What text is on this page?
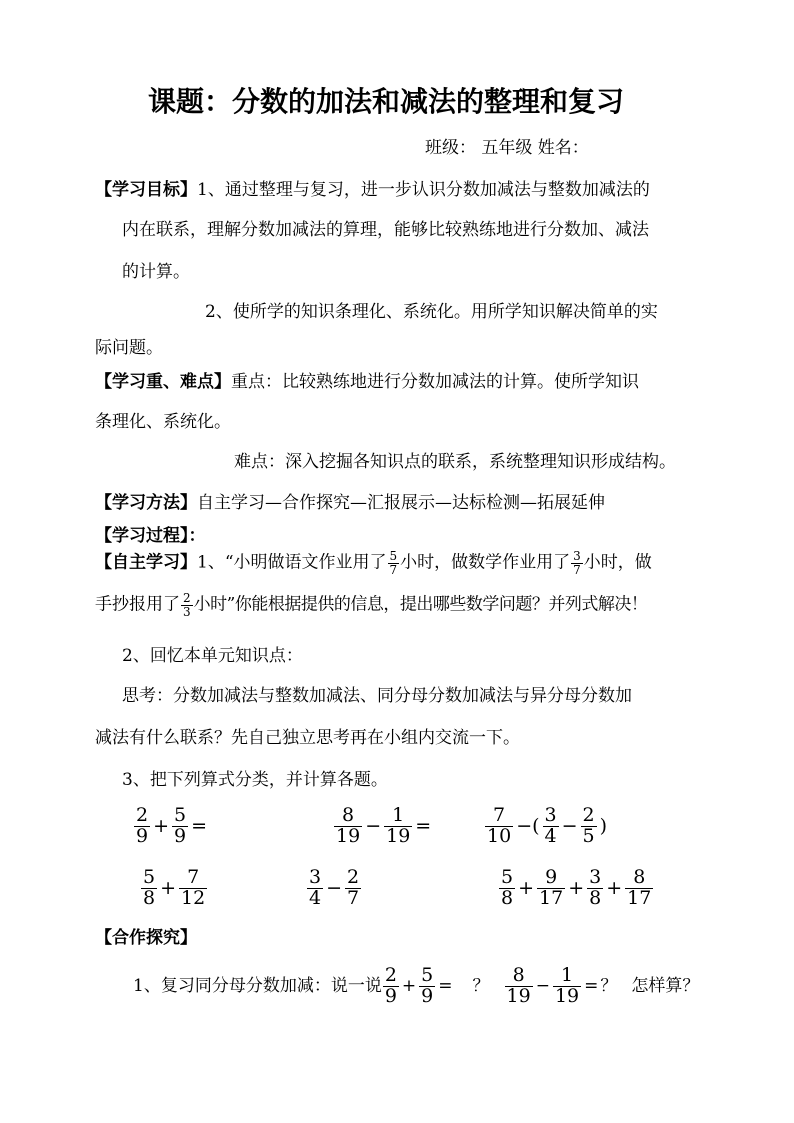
课题：分数的加法和减法的整理和复习
班级： 五年级 姓名：
【学习目标】1、通过整理与复习，进一步认识分数加减法与整数加减法的
内在联系，理解分数加减法的算理，能够比较熟练地进行分数加、减法
的计算。
2、使所学的知识条理化、系统化。用所学知识解决简单的实
际问题。
【学习重、难点】重点：比较熟练地进行分数加减法的计算。使所学知识
条理化、系统化。
难点：深入挖掘各知识点的联系，系统整理知识形成结构。
【学习方法】自主学习—合作探究—汇报展示—达标检测—拓展延伸
【学习过程】：
【自主学习】1、“小明做语文作业用了 $\frac{5}{7}$ 小时，做数学作业用了 $\frac{3}{7}$ 小时，做
手抄报用了 $\frac{2}{3}$ 小时”你能根据提供的信息，提出哪些数学问题？并列式解决！
2、回忆本单元知识点：
思考：分数加减法与整数加减法、同分母分数加减法与异分母分数加
减法有什么联系？先自己独立思考再在小组内交流一下。
3、把下列算式分类，并计算各题。
$\frac{2}{9} + \frac{5}{9}$ =	$\frac{8}{19} - \frac{1}{19}$ =	$\frac{7}{10}$ −( $\frac{3}{4} - \frac{2}{5}$ )
$\frac{5}{8} + \frac{7}{12}$	$\frac{3}{4} - \frac{2}{7}$	$\frac{5}{8} + \frac{9}{17} + \frac{3}{8} + \frac{8}{17}$
【合作探究】
1、复习同分母分数加减：说一说 $\frac{2}{9} + \frac{5}{9}$ = ？ $\frac{8}{19} - \frac{1}{19}$ = ？ 怎样算？
